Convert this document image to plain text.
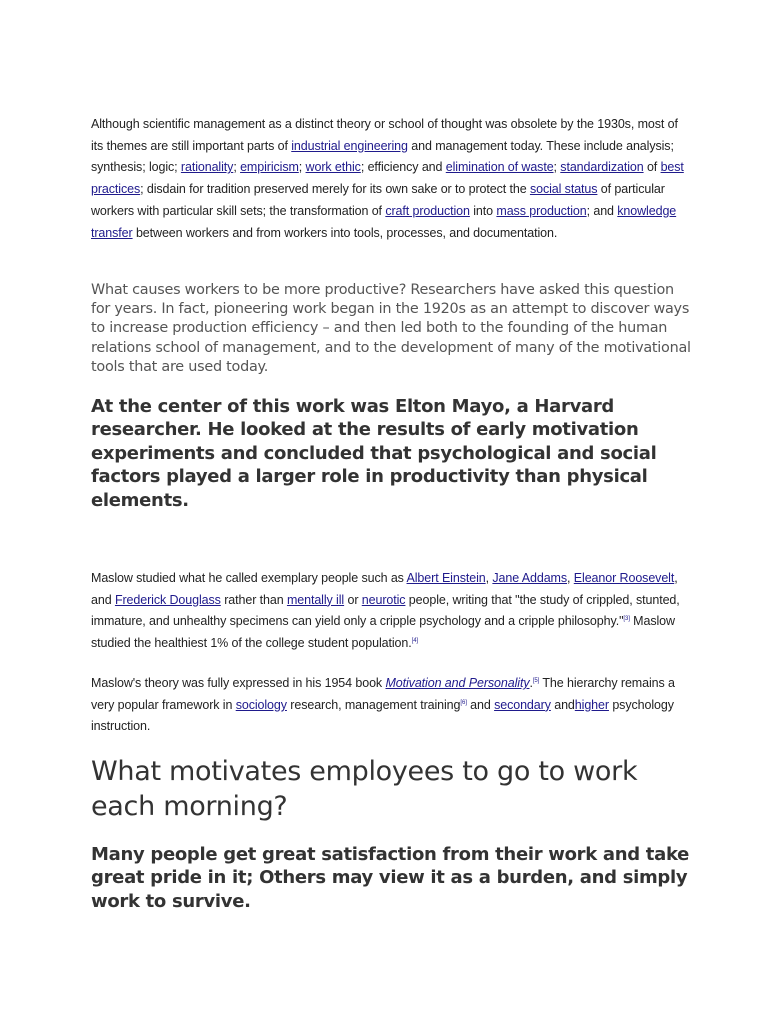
Although scientific management as a distinct theory or school of thought was obsolete by the 1930s, most of its themes are still important parts of industrial engineering and management today. These include analysis; synthesis; logic; rationality; empiricism; work ethic; efficiency and elimination of waste; standardization of best practices; disdain for tradition preserved merely for its own sake or to protect the social status of particular workers with particular skill sets; the transformation of craft production into mass production; and knowledge transfer between workers and from workers into tools, processes, and documentation.

What causes workers to be more productive? Researchers have asked this question for years. In fact, pioneering work began in the 1920s as an attempt to discover ways to increase production efficiency – and then led both to the founding of the human relations school of management, and to the development of many of the motivational tools that are used today.

At the center of this work was Elton Mayo, a Harvard researcher. He looked at the results of early motivation experiments and concluded that psychological and social factors played a larger role in productivity than physical elements.

Maslow studied what he called exemplary people such as Albert Einstein, Jane Addams, Eleanor Roosevelt, and Frederick Douglass rather than mentally ill or neurotic people, writing that "the study of crippled, stunted, immature, and unhealthy specimens can yield only a cripple psychology and a cripple philosophy."[3] Maslow studied the healthiest 1% of the college student population.[4]

Maslow's theory was fully expressed in his 1954 book Motivation and Personality.[5] The hierarchy remains a very popular framework in sociology research, management training[6] and secondary andhigher psychology instruction.

What motivates employees to go to work each morning?

Many people get great satisfaction from their work and take great pride in it; Others may view it as a burden, and simply work to survive.
